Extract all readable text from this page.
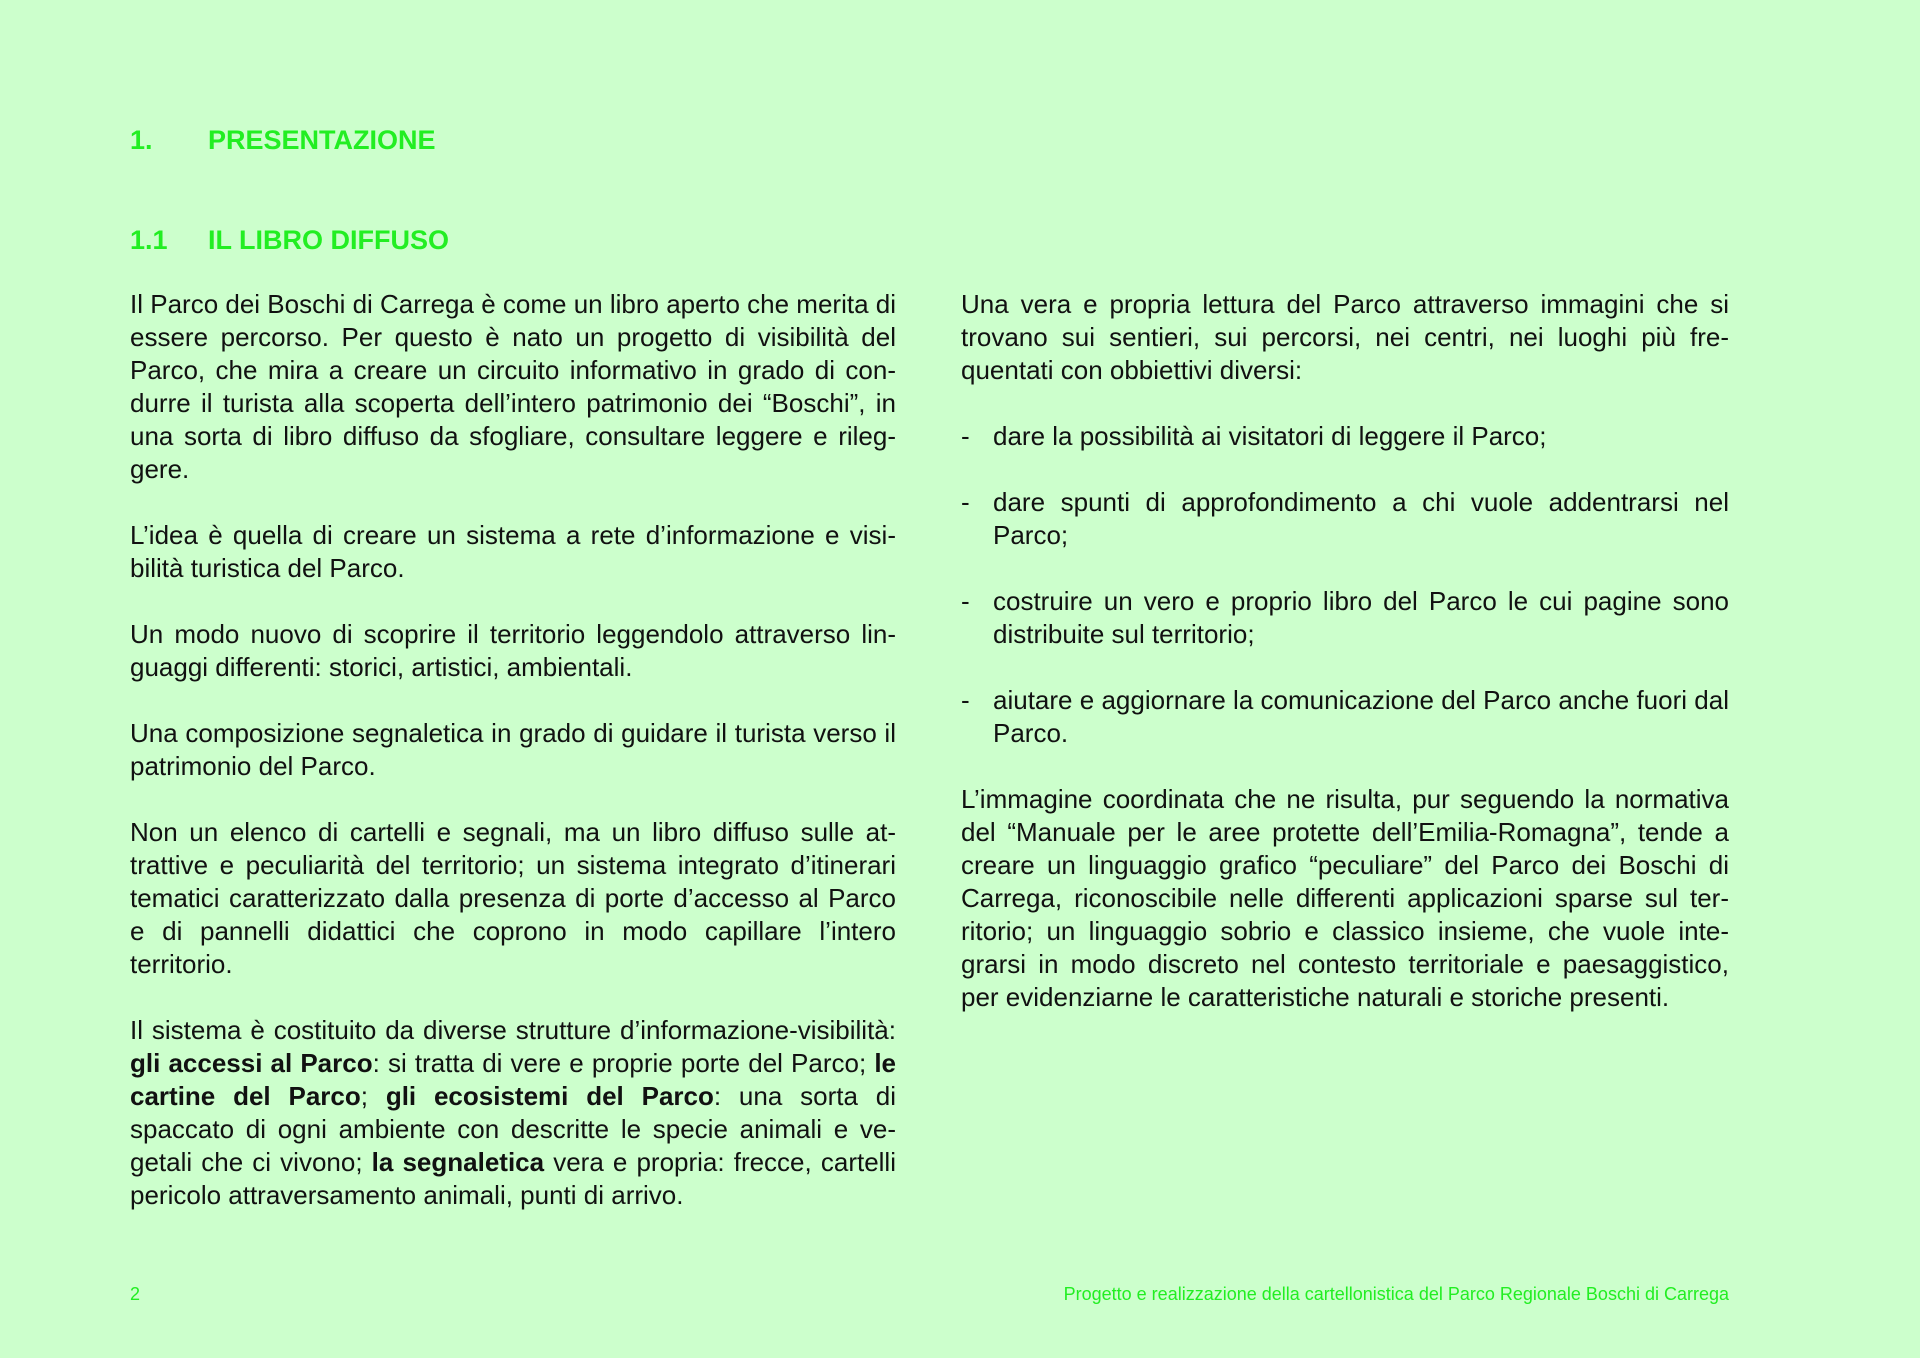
1. PRESENTAZIONE
1.1 IL LIBRO DIFFUSO

Il Parco dei Boschi di Carrega è come un libro aperto che merita di essere percorso. Per questo è nato un progetto di visibilità del Parco, che mira a creare un circuito informativo in grado di condurre il turista alla scoperta dell’intero patrimonio dei “Boschi”, in una sorta di libro diffuso da sfogliare, consultare leggere e rileggere.

L’idea è quella di creare un sistema a rete d’informazione e visibilità turistica del Parco.

Un modo nuovo di scoprire il territorio leggendolo attraverso linguaggi differenti: storici, artistici, ambientali.

Una composizione segnaletica in grado di guidare il turista verso il patrimonio del Parco.

Non un elenco di cartelli e segnali, ma un libro diffuso sulle attrattive e peculiarità del territorio; un sistema integrato d’itinerari tematici caratterizzato dalla presenza di porte d’accesso al Parco e di pannelli didattici che coprono in modo capillare l’intero territorio.

Il sistema è costituito da diverse strutture d’informazione-visibilità: gli accessi al Parco: si tratta di vere e proprie porte del Parco; le cartine del Parco; gli ecosistemi del Parco: una sorta di spaccato di ogni ambiente con descritte le specie animali e vegetali che ci vivono; la segnaletica vera e propria: frecce, cartelli pericolo attraversamento animali, punti di arrivo.

Una vera e propria lettura del Parco attraverso immagini che si trovano sui sentieri, sui percorsi, nei centri, nei luoghi più frequentati con obbiettivi diversi:

- dare la possibilità ai visitatori di leggere il Parco;
- dare spunti di approfondimento a chi vuole addentrarsi nel Parco;
- costruire un vero e proprio libro del Parco le cui pagine sono distribuite sul territorio;
- aiutare e aggiornare la comunicazione del Parco anche fuori dal Parco.

L’immagine coordinata che ne risulta, pur seguendo la normativa del “Manuale per le aree protette dell’Emilia-Romagna”, tende a creare un linguaggio grafico “peculiare” del Parco dei Boschi di Carrega, riconoscibile nelle differenti applicazioni sparse sul territorio; un linguaggio sobrio e classico insieme, che vuole integrarsi in modo discreto nel contesto territoriale e paesaggistico, per evidenziarne le caratteristiche naturali e storiche presenti.

2	Progetto e realizzazione della cartellonistica del Parco Regionale Boschi di Carrega
